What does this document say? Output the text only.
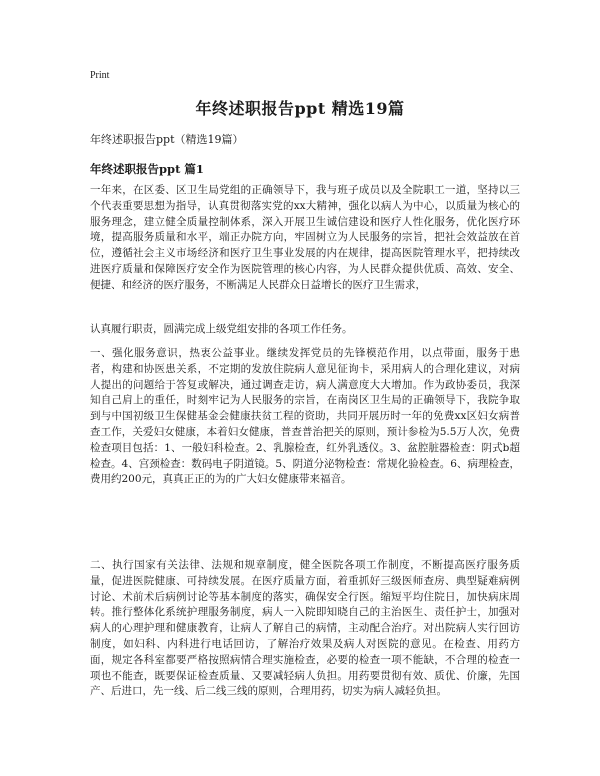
Print
年终述职报告ppt 精选19篇

年终述职报告ppt（精选19篇）

年终述职报告ppt 篇1

一年来，在区委、区卫生局党组的正确领导下，我与班子成员以及全院职工一道，坚持以三个代表重要思想为指导，认真贯彻落实党的xx大精神，强化以病人为中心，以质量为核心的服务理念，建立健全质量控制体系，深入开展卫生诚信建设和医疗人性化服务，优化医疗环境，提高服务质量和水平，端正办院方向，牢固树立为人民服务的宗旨，把社会效益放在首位，遵循社会主义市场经济和医疗卫生事业发展的内在规律，提高医院管理水平，把持续改进医疗质量和保障医疗安全作为医院管理的核心内容，为人民群众提供优质、高效、安全、便捷、和经济的医疗服务，不断满足人民群众日益增长的医疗卫生需求，

认真履行职责，圆满完成上级党组安排的各项工作任务。

一、强化服务意识，热衷公益事业。继续发挥党员的先锋模范作用，以点带面，服务于患者，构建和协医患关系，不定期的发放住院病人意见征询卡，采用病人的合理化建议，对病人提出的问题给于答复或解决，通过调查走访，病人满意度大大增加。作为政协委员，我深知自己肩上的重任，时刻牢记为人民服务的宗旨，在南岗区卫生局的正确领导下，我院争取到与中国初级卫生保健基金会健康扶贫工程的资助，共同开展历时一年的免费xx区妇女病普查工作，关爱妇女健康，本着妇女健康，普查普治把关的原则，预计参检为5.5万人次，免费检查项目包括：1、一般妇科检查。2、乳腺检查，红外乳透仪。3、盆腔脏器检查：阴式b超检查。4、宫颈检查：数码电子阴道镜。5、阴道分泌物检查：常规化验检查。6、病理检查，费用约200元，真真正正的为的广大妇女健康带来福音。

二、执行国家有关法律、法规和规章制度，健全医院各项工作制度，不断提高医疗服务质量，促进医院健康、可持续发展。在医疗质量方面，着重抓好三级医师查房、典型疑难病例讨论、术前术后病例讨论等基本制度的落实，确保安全行医。缩短平均住院日，加快病床周转。推行整体化系统护理服务制度，病人一入院即知晓自己的主治医生、责任护士，加强对病人的心理护理和健康教育，让病人了解自己的病情，主动配合治疗。对出院病人实行回访制度，如妇科、内科进行电话回访，了解治疗效果及病人对医院的意见。在检查、用药方面，规定各科室都要严格按照病情合理实施检查，必要的检查一项不能缺，不合理的检查一项也不能查，既要保证检查质量、又要减轻病人负担。用药要贯彻有效、质优、价廉，先国产、后进口，先一线、后二线三线的原则，合理用药，切实为病人减轻负担。
